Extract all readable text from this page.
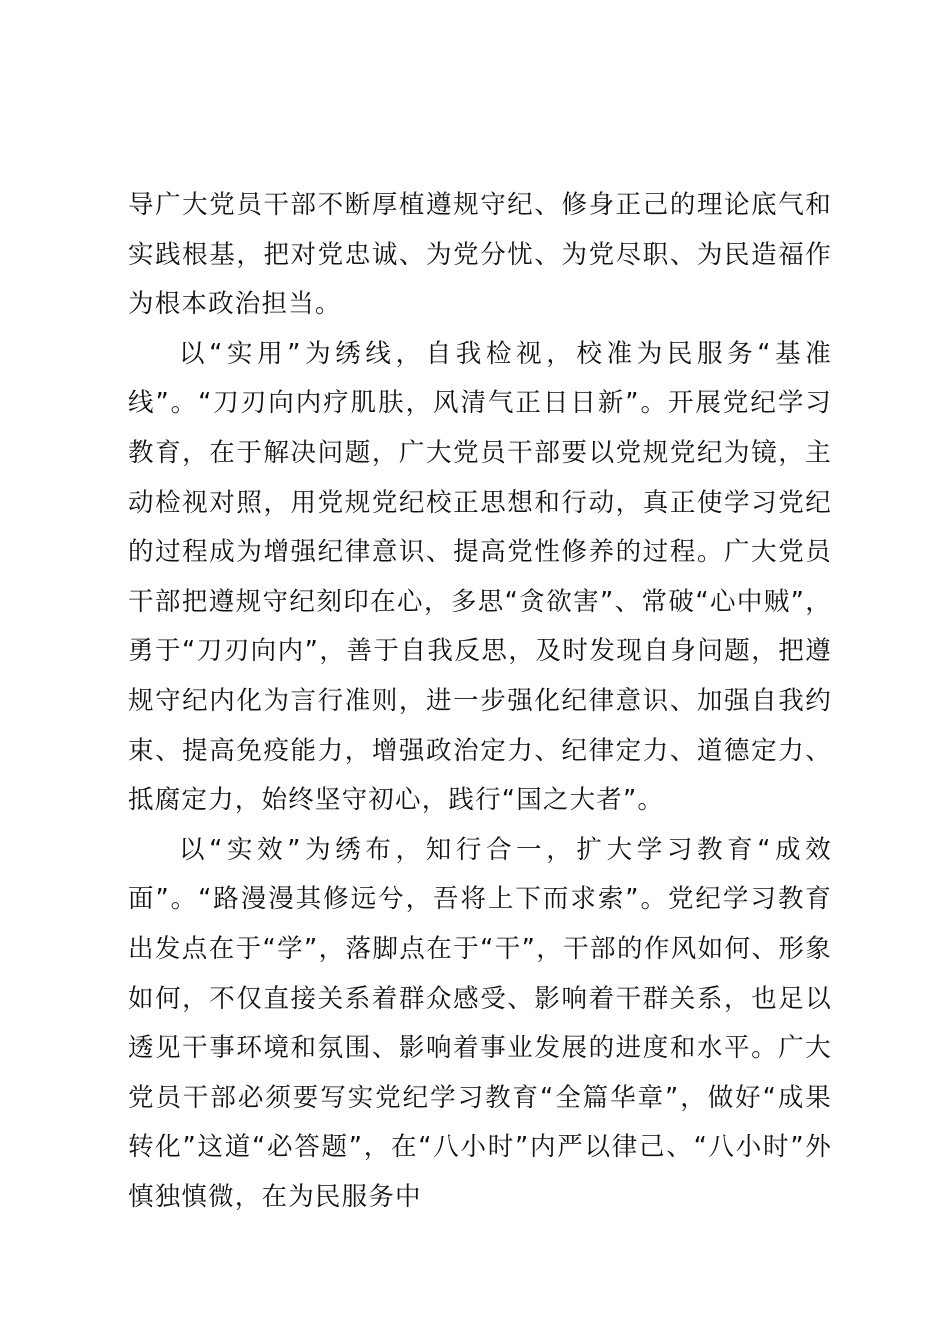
导广大党员干部不断厚植遵规守纪、修身正己的理论底气和实践根基，把对党忠诚、为党分忧、为党尽职、为民造福作为根本政治担当。

以“实用”为绣线，自我检视，校准为民服务“基准线”。“刀刃向内疗肌肤，风清气正日日新”。开展党纪学习教育，在于解决问题，广大党员干部要以党规党纪为镜，主动检视对照，用党规党纪校正思想和行动，真正使学习党纪的过程成为增强纪律意识、提高党性修养的过程。广大党员干部把遵规守纪刻印在心，多思“贪欲害”、常破“心中贼”，勇于“刀刃向内”，善于自我反思，及时发现自身问题，把遵规守纪内化为言行准则，进一步强化纪律意识、加强自我约束、提高免疫能力，增强政治定力、纪律定力、道德定力、抵腐定力，始终坚守初心，践行“国之大者”。

以“实效”为绣布，知行合一，扩大学习教育“成效面”。“路漫漫其修远兮，吾将上下而求索”。党纪学习教育出发点在于“学”，落脚点在于“干”，干部的作风如何、形象如何，不仅直接关系着群众感受、影响着干群关系，也足以透见干事环境和氛围、影响着事业发展的进度和水平。广大党员干部必须要写实党纪学习教育“全篇华章”，做好“成果转化”这道“必答题”，在“八小时”内严以律己、“八小时”外慎独慎微，在为民服务中
